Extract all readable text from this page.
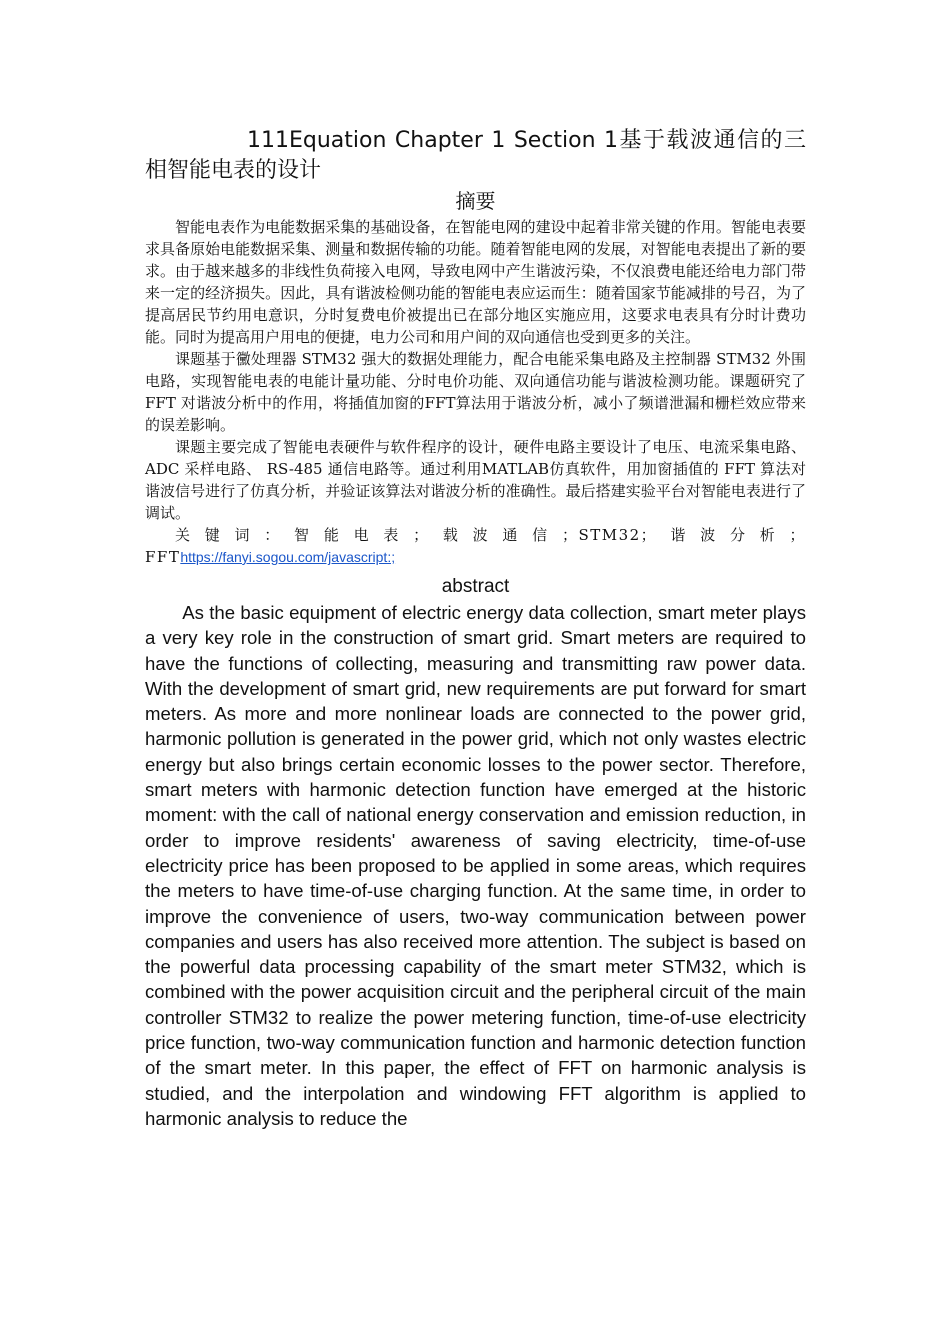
111Equation Chapter 1 Section 1基于载波通信的三相智能电表的设计

摘要

智能电表作为电能数据采集的基础设备，在智能电网的建设中起着非常关键的作用。智能电表要求具备原始电能数据采集、测量和数据传输的功能。随着智能电网的发展，对智能电表提出了新的要求。由于越来越多的非线性负荷接入电网，导致电网中产生谐波污染，不仅浪费电能还给电力部门带来一定的经济损失。因此，具有谐波检侧功能的智能电表应运而生：随着国家节能减排的号召，为了提高居民节约用电意识，分时复费电价被提出已在部分地区实施应用，这要求电表具有分时计费功能。同时为提高用户用电的便捷，电力公司和用户间的双向通信也受到更多的关注。

课题基于黴处理器 STM32 强大的数据处理能力，配合电能采集电路及主控制器 STM32 外围电路，实现智能电表的电能计量功能、分时电价功能、双向通信功能与谐波检测功能。课题研究了 FFT 对谐波分析中的作用，将插值加窗的FFT算法用于谐波分析，减小了频谱泄漏和栅栏效应带来的误差影响。

课题主要完成了智能电表硬件与软件程序的设计，硬件电路主要设计了电压、电流采集电路、 ADC 采样电路、 RS-485 通信电路等。通过利用MATLAB仿真软件，用加窗插值的 FFT 算法对谐波信号进行了仿真分析，并验证该算法对谐波分析的准确性。最后搭建实验平台对智能电表进行了调试。

关键词：智能电表；载波通信；STM32；谐波分析；FFThttps://fanyi.sogou.com/javascript:;

abstract

As the basic equipment of electric energy data collection, smart meter plays a very key role in the construction of smart grid. Smart meters are required to have the functions of collecting, measuring and transmitting raw power data. With the development of smart grid, new requirements are put forward for smart meters. As more and more nonlinear loads are connected to the power grid, harmonic pollution is generated in the power grid, which not only wastes electric energy but also brings certain economic losses to the power sector. Therefore, smart meters with harmonic detection function have emerged at the historic moment: with the call of national energy conservation and emission reduction, in order to improve residents' awareness of saving electricity, time-of-use electricity price has been proposed to be applied in some areas, which requires the meters to have time-of-use charging function. At the same time, in order to improve the convenience of users, two-way communication between power companies and users has also received more attention. The subject is based on the powerful data processing capability of the smart meter STM32, which is combined with the power acquisition circuit and the peripheral circuit of the main controller STM32 to realize the power metering function, time-of-use electricity price function, two-way communication function and harmonic detection function of the smart meter. In this paper, the effect of FFT on harmonic analysis is studied, and the interpolation and windowing FFT algorithm is applied to harmonic analysis to reduce the
